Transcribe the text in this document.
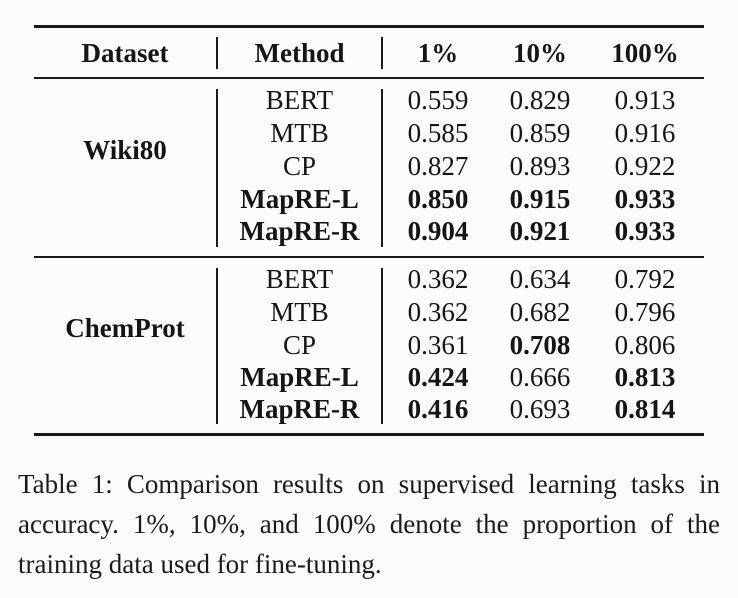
Dataset	Method	1%	10%	100%
Wiki80
BERT	0.559	0.829	0.913
MTB	0.585	0.859	0.916
CP	0.827	0.893	0.922
MapRE-L	0.850	0.915	0.933
MapRE-R	0.904	0.921	0.933
ChemProt
BERT	0.362	0.634	0.792
MTB	0.362	0.682	0.796
CP	0.361	0.708	0.806
MapRE-L	0.424	0.666	0.813
MapRE-R	0.416	0.693	0.814
Table 1: Comparison results on supervised learning tasks in accuracy. 1%, 10%, and 100% denote the proportion of the training data used for fine-tuning.
